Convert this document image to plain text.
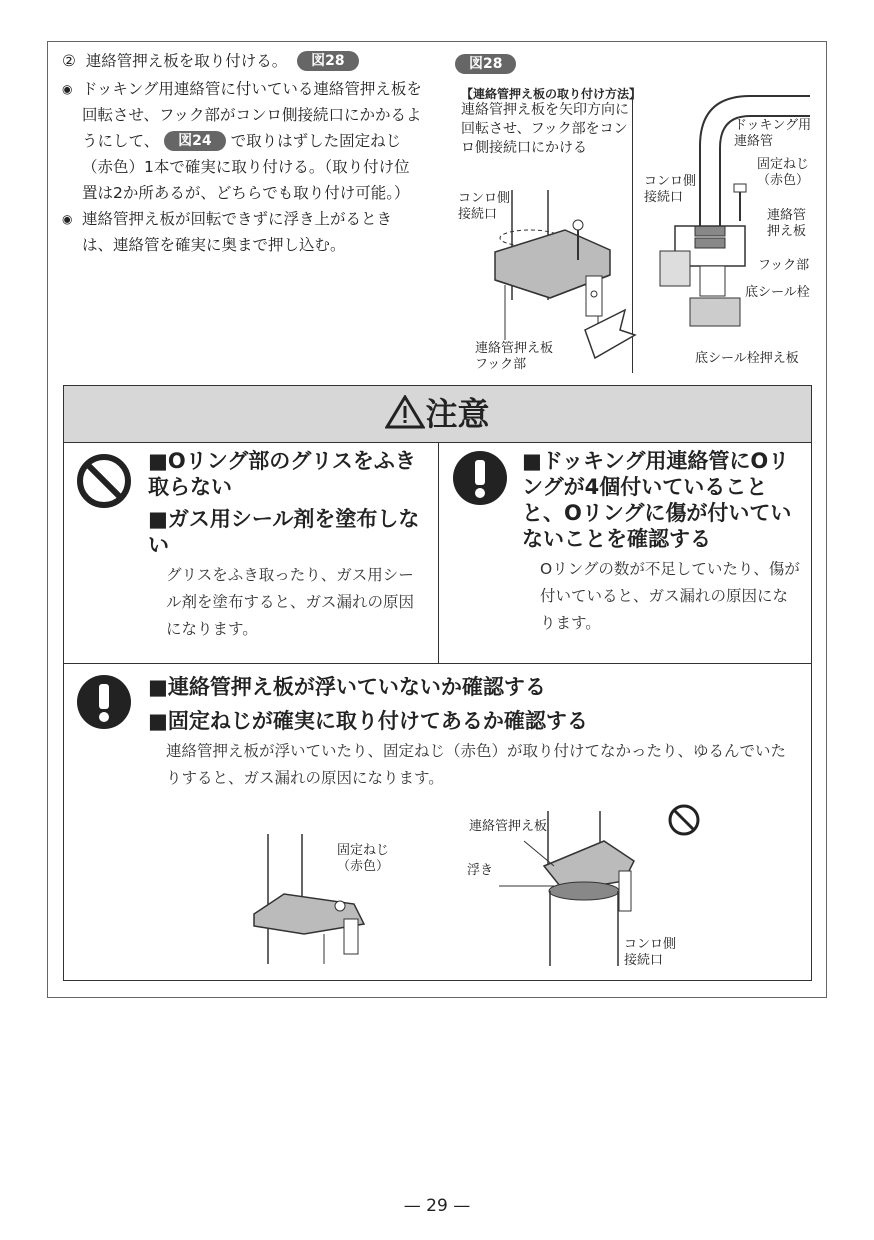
② 連絡管押え板を取り付ける。 図28

◉ ドッキング用連絡管に付いている連絡管押え板を回転させ、フック部がコンロ側接続口にかかるようにして、 図24 で取りはずした固定ねじ（赤色）1本で確実に取り付ける。（取り付け位置は2か所あるが、どちらでも取り付け可能。）

◉ 連絡管押え板が回転できずに浮き上がるときは、連絡管を確実に奥まで押し込む。

図28
【連絡管押え板の取り付け方法】
連絡管押え板を矢印方向に回転させ、フック部をコンロ側接続口にかける
コンロ側
接続口
連絡管押え板
フック部
ドッキング用
連絡管
固定ねじ
（赤色）
コンロ側
接続口
連絡管
押え板
フック部
底シール栓
底シール栓押え板
注意
■Oリング部のグリスをふき取らない
■ガス用シール剤を塗布しない
グリスをふき取ったり、ガス用シール剤を塗布すると、ガス漏れの原因になります。
■ドッキング用連絡管にOリングが4個付いていることと、Oリングに傷が付いていないことを確認する
Oリングの数が不足していたり、傷が付いていると、ガス漏れの原因になります。
■連絡管押え板が浮いていないか確認する
■固定ねじが確実に取り付けてあるか確認する
連絡管押え板が浮いていたり、固定ねじ（赤色）が取り付けてなかったり、ゆるんでいたりすると、ガス漏れの原因になります。
固定ねじ
（赤色）
連絡管押え板
浮き
コンロ側
接続口
— 29 —
